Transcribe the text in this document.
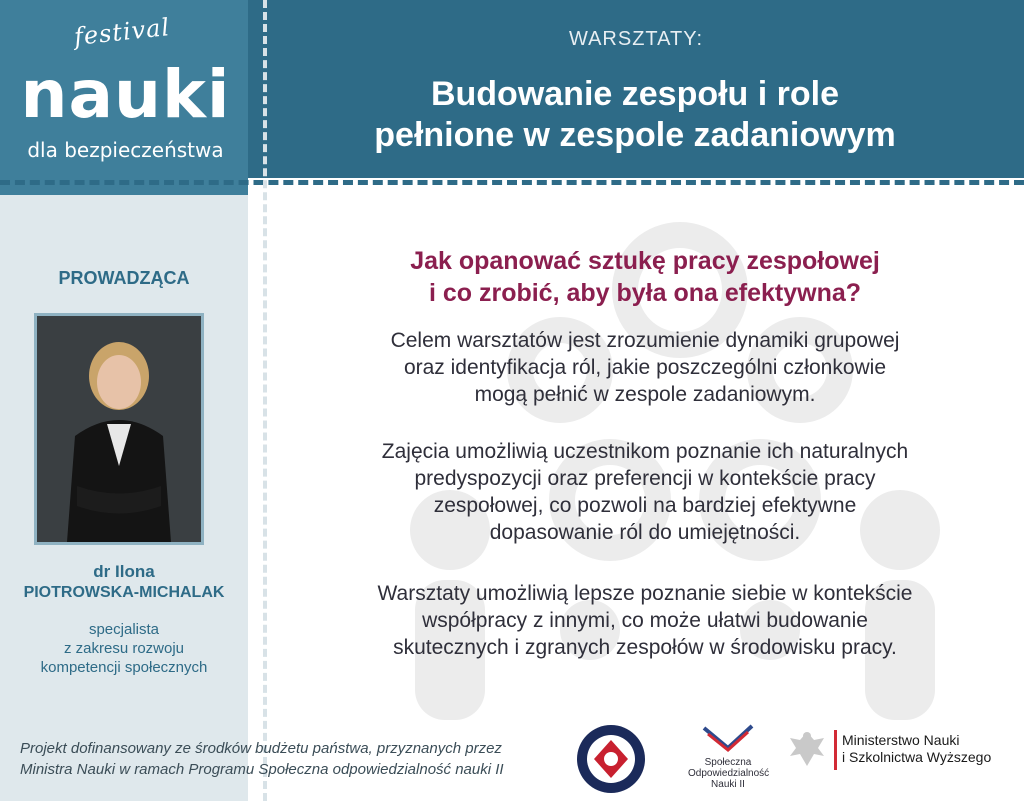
festival
nauki
dla bezpieczeństwa
WARSZTATY:
Budowanie zespołu i role
pełnione w zespole zadaniowym
PROWADZĄCA
dr Ilona
PIOTROWSKA-MICHALAK
specjalista
z zakresu rozwoju
kompetencji społecznych
Jak opanować sztukę pracy zespołowej
i co zrobić, aby była ona efektywna?
Celem warsztatów jest zrozumienie dynamiki grupowej
oraz identyfikacja ról, jakie poszczególni członkowie
mogą pełnić w zespole zadaniowym.
Zajęcia umożliwią uczestnikom poznanie ich naturalnych
predyspozycji oraz preferencji w kontekście pracy
zespołowej, co pozwoli na bardziej efektywne
dopasowanie ról do umiejętności.
Warsztaty umożliwią lepsze poznanie siebie w kontekście
współpracy z innymi, co może ułatwi budowanie
skutecznych i zgranych zespołów w środowisku pracy.
Projekt dofinansowany ze środków budżetu państwa, przyznanych przez
Ministra Nauki w ramach Programu Społeczna odpowiedzialność nauki II	Społeczna
Odpowiedzialność
Nauki II
Ministerstwo Nauki
i Szkolnictwa Wyższego
